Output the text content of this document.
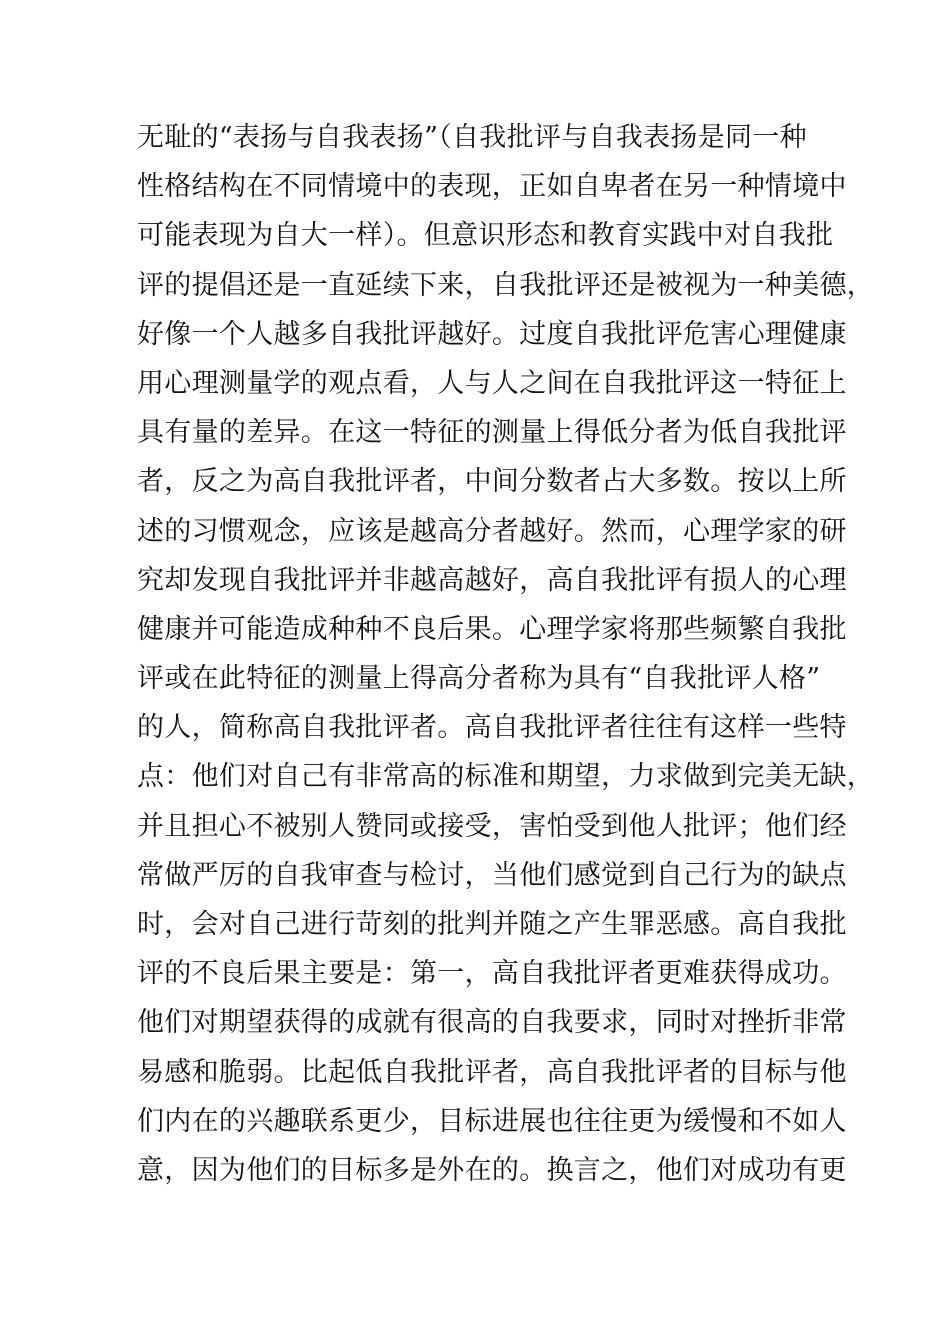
无耻的“表扬与自我表扬”（自我批评与自我表扬是同一种
性格结构在不同情境中的表现，正如自卑者在另一种情境中
可能表现为自大一样）。但意识形态和教育实践中对自我批
评的提倡还是一直延续下来，自我批评还是被视为一种美德，
好像一个人越多自我批评越好。过度自我批评危害心理健康
用心理测量学的观点看，人与人之间在自我批评这一特征上
具有量的差异。在这一特征的测量上得低分者为低自我批评
者，反之为高自我批评者，中间分数者占大多数。按以上所
述的习惯观念，应该是越高分者越好。然而，心理学家的研
究却发现自我批评并非越高越好，高自我批评有损人的心理
健康并可能造成种种不良后果。心理学家将那些频繁自我批
评或在此特征的测量上得高分者称为具有“自我批评人格”
的人，简称高自我批评者。高自我批评者往往有这样一些特
点：他们对自己有非常高的标准和期望，力求做到完美无缺，
并且担心不被别人赞同或接受，害怕受到他人批评；他们经
常做严厉的自我审查与检讨，当他们感觉到自己行为的缺点
时，会对自己进行苛刻的批判并随之产生罪恶感。高自我批
评的不良后果主要是：第一，高自我批评者更难获得成功。
他们对期望获得的成就有很高的自我要求，同时对挫折非常
易感和脆弱。比起低自我批评者，高自我批评者的目标与他
们内在的兴趣联系更少，目标进展也往往更为缓慢和不如人
意，因为他们的目标多是外在的。换言之，他们对成功有更
